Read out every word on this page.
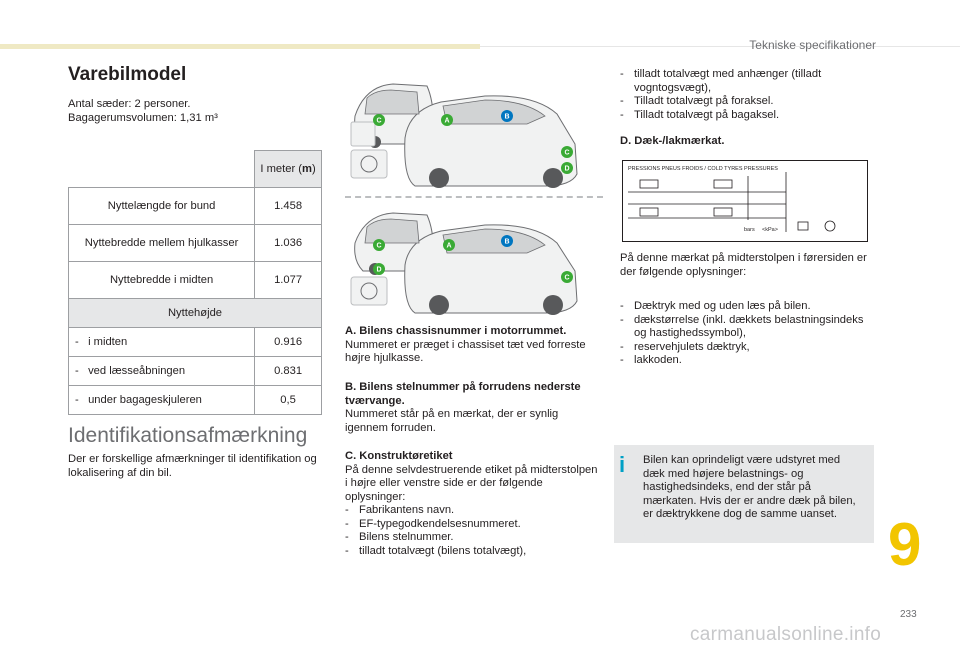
Tekniske specifikationer
Varebilmodel
Antal sæder: 2 personer.
Bagagerumsvolumen: 1,31 m³
	I meter (m)
Nyttelængde for bund	1.458
Nyttebredde mellem hjulkasser	1.036
Nyttebredde i midten	1.077
Nyttehøjde	
-   i midten	0.916
-   ved læsseåbningen	0.831
-   under bagageskjuleren	0,5
Identifikationsafmærkning
Der er forskellige afmærkninger til identifikation og lokalisering af din bil.
C	A
B
C
D
C
D
A
B
C
A. Bilens chassisnummer i motorrummet.
Nummeret er præget i chassiset tæt ved forreste højre hjulkasse.
B. Bilens stelnummer på forrudens nederste tværvange.
Nummeret står på en mærkat, der er synlig igennem forruden.
C. Konstruktøretiket
På denne selvdestruerende etiket på midterstolpen i højre eller venstre side er der følgende oplysninger:
- Fabrikantens navn.
- EF-typegodkendelsesnummeret.
- Bilens stelnummer.
- tilladt totalvægt (bilens totalvægt),
- tilladt totalvægt med anhænger (tilladt vogntogsvægt),
- Tilladt totalvægt på foraksel.
- Tilladt totalvægt på bagaksel.
D. Dæk-/lakmærkat.
PRESSIONS PNEUS FROIDS / COLD TYRES PRESSURES
bars <kPa>
På denne mærkat på midterstolpen i førersiden er der følgende oplysninger:
- Dæktryk med og uden læs på bilen.
- dækstørrelse (inkl. dækkets belastningsindeks og hastighedssymbol),
- reservehjulets dæktryk,
- lakkoden.
i Bilen kan oprindeligt være udstyret med dæk med højere belastnings- og hastighedsindeks, end der står på mærkaten. Hvis der er andre dæk på bilen, er dæktrykkene dog de samme uanset. 9
233
carmanualsonline.info
